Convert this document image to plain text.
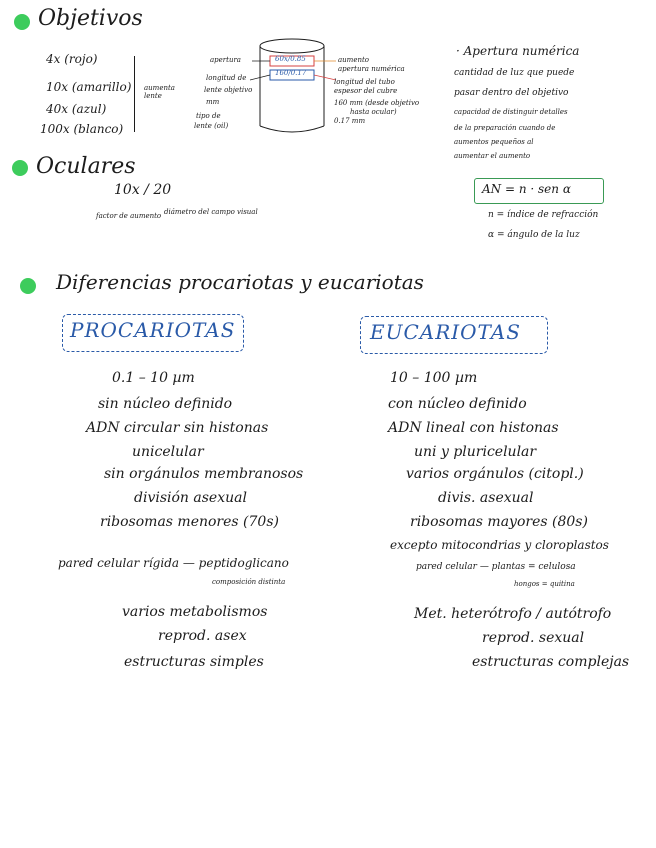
Objetivos
4x (rojo)
10x (amarillo)
40x (azul)
100x (blanco)
aumenta
lente
60x/0.85
160/0.17
apertura
longitud de
lente objetivo
mm
tipo de
lente (oil)
aumento
apertura numérica
longitud del tubo
espesor del cubre
160 mm (desde objetivo
hasta ocular)
0.17 mm
· Apertura numérica
cantidad de luz que puede
pasar dentro del objetivo
capacidad de distinguir detalles
de la preparación cuando de
aumentos pequeños al
aumentar el aumento
AN = n · sen α
n = índice de refracción
α = ángulo de la luz
Oculares
10x / 20
factor de aumento diámetro del campo visual
Diferencias procariotas y eucariotas
PROCARIOTAS	EUCARIOTAS
0.1 – 10 µm
sin núcleo definido
ADN circular sin histonas
unicelular
sin orgánulos membranosos
división asexual
ribosomas menores (70s)
pared celular rígida — peptidoglicano
composición distinta
varios metabolismos
reprod. asex
estructuras simples
10 – 100 µm
con núcleo definido
ADN lineal con histonas
uni y pluricelular
varios orgánulos (citopl.)
divis. asexual
ribosomas mayores (80s)
excepto mitocondrias y cloroplastos
pared celular — plantas = celulosa
hongos = quitina
Met. heterótrofo / autótrofo
reprod. sexual
estructuras complejas
